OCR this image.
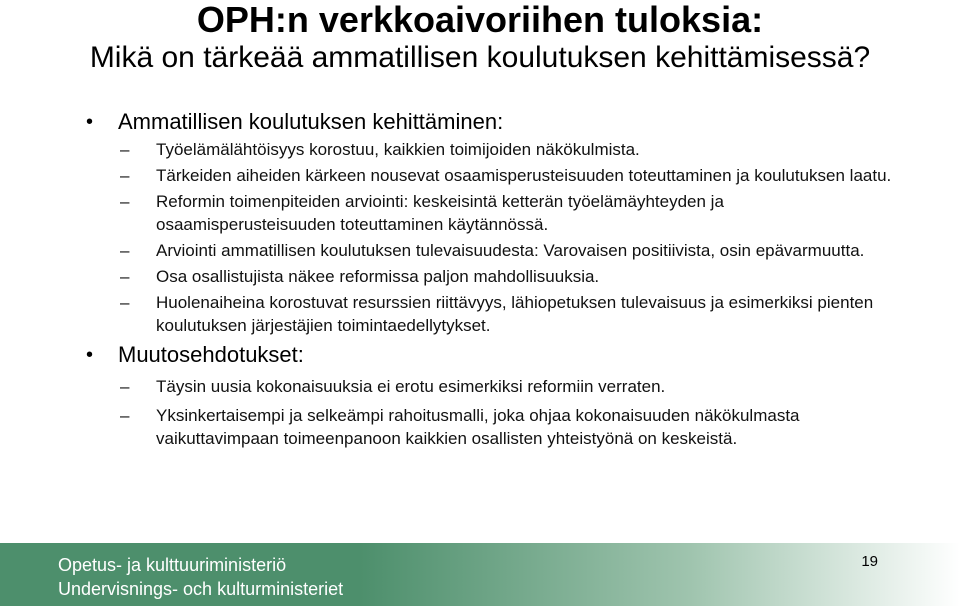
OPH:n verkkoaivoriihen tuloksia:
Mikä on tärkeää ammatillisen koulutuksen kehittämisessä?
• Ammatillisen koulutuksen kehittäminen:
– Työelämälähtöisyys korostuu, kaikkien toimijoiden näkökulmista.
– Tärkeiden aiheiden kärkeen nousevat osaamisperusteisuuden toteuttaminen ja koulutuksen laatu.
– Reformin toimenpiteiden arviointi: keskeisintä ketterän työelämäyhteyden ja osaamisperusteisuuden toteuttaminen käytännössä.
– Arviointi ammatillisen koulutuksen tulevaisuudesta: Varovaisen positiivista, osin epävarmuutta.
– Osa osallistujista näkee reformissa paljon mahdollisuuksia.
– Huolenaiheina korostuvat resurssien riittävyys, lähiopetuksen tulevaisuus ja esimerkiksi pienten koulutuksen järjestäjien toimintaedellytykset.
• Muutosehdotukset:
– Täysin uusia kokonaisuuksia ei erotu esimerkiksi reformiin verraten.
– Yksinkertaisempi ja selkeämpi rahoitusmalli, joka ohjaa kokonaisuuden näkökulmasta vaikuttavimpaan toimeenpanoon kaikkien osallisten yhteistyönä on keskeistä.
Opetus- ja kulttuuriministeriö
Undervisnings- och kulturministeriet
19
